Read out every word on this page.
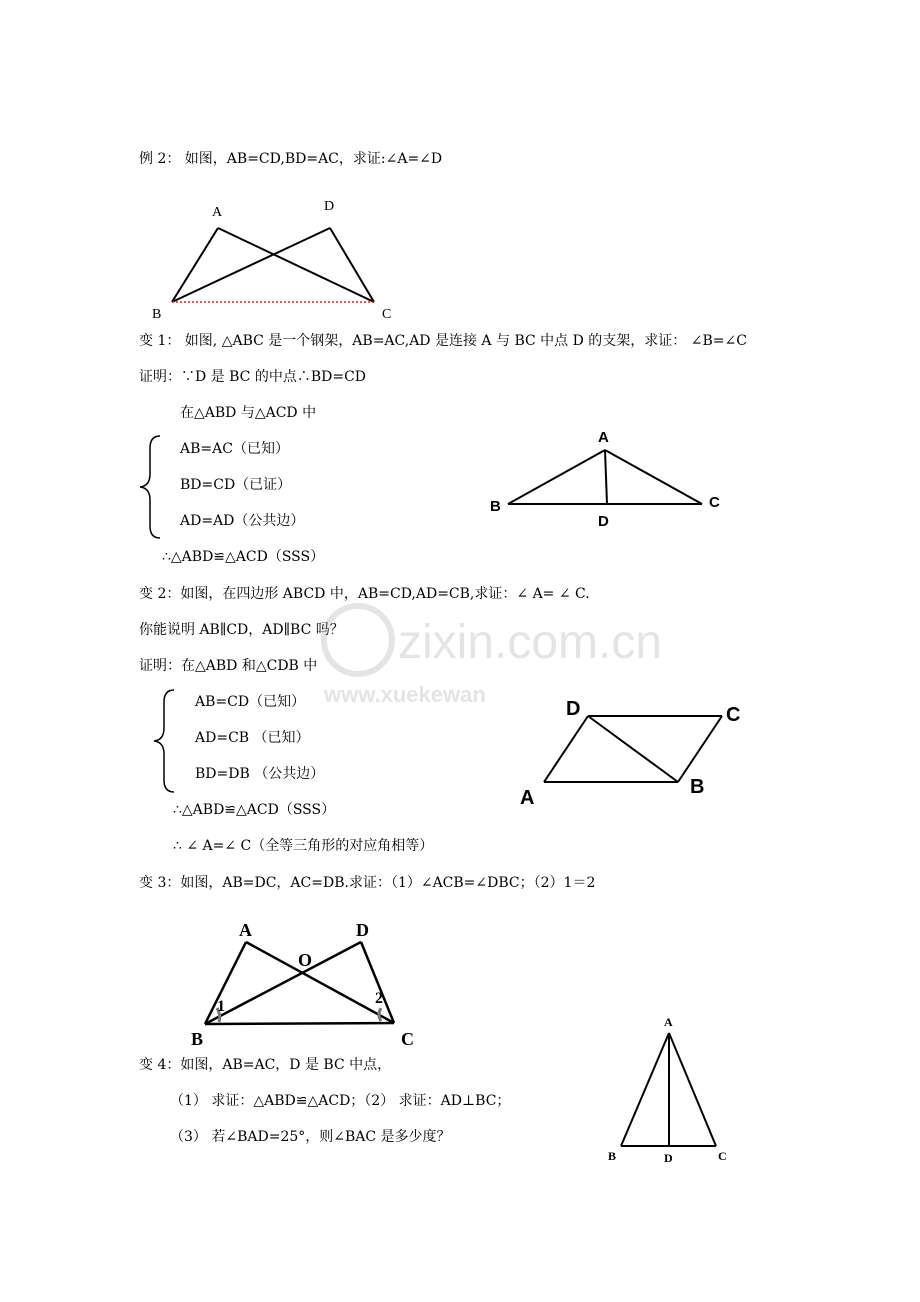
例 2： 如图，AB=CD,BD=AC，求证:∠A=∠D
A	D
B	C
变 1： 如图, △ABC 是一个钢架，AB=AC,AD 是连接 A 与 BC 中点 D 的支架，求证： ∠B=∠C
证明：∵D 是 BC 的中点∴BD=CD
在△ABD 与△ACD 中
AB=AC（已知）
BD=CD（已证）
AD=AD（公共边）
∴△ABD≌△ACD（SSS）
A
B	C
D
变 2：如图，在四边形 ABCD 中，AB=CD,AD=CB,求证：∠ A= ∠ C.
你能说明 AB∥CD，AD∥BC 吗？
证明：在△ABD 和△CDB 中
AB=CD（已知）
AD=CB （已知）
BD=DB （公共边）
∴△ABD≌△ACD（SSS）
∴ ∠ A=∠ C（全等三角形的对应角相等）
zixin.com.cn
www.xuekewan
D	C
A	B
变 3：如图，AB=DC，AC=DB.求证：（1）∠ACB=∠DBC；（2）1＝2
A	D
O
B	C
1	2
变 4：如图，AB=AC，D 是 BC 中点，
（1） 求证：△ABD≌△ACD；（2） 求证：AD⊥BC；
（3） 若∠BAD=25°，则∠BAC 是多少度？
A
B	D	C
